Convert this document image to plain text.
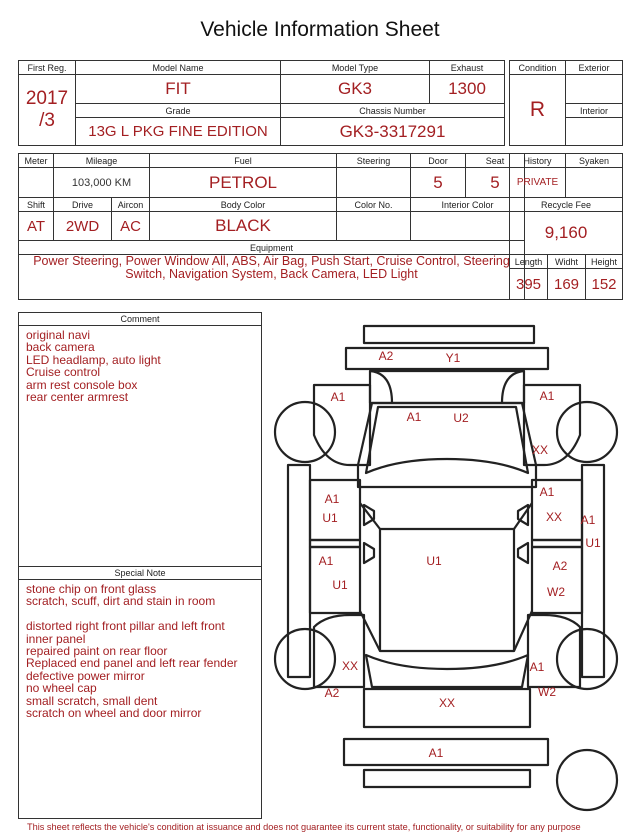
Vehicle Information Sheet
First Reg.	Model Name	Model Type	Exhaust

2017
/3	FIT	GK3	1300
	Grade	Chassis Number	
	13G L PKG FINE EDITION	GK3-3317291	
Condition	Exterior
R	
	Interior

Meter	Mileage		Fuel	Steering	Door	Seat
	103,000 KM		PETROL		5	5
Shift	Drive	Aircon	Body Color	Color No.	Interior Color	
AT	2WD	AC	BLACK			
Equipment						
Power Steering, Power Window All, ABS, Air Bag, Push Start, Cruise Control, Steering Switch, Navigation System, Back Camera, LED Light						
History		Syaken	
PRIVATE			
Recycle Fee			
9,160			
Length	Widht		Height
395	169		152
Comment
original navi
back camera
LED headlamp, auto light
Cruise control
arm rest console box
rear center armrest
Special Note
stone chip on front glass
scratch, scuff, dirt and stain in room

distorted right front pillar and left front inner panel
repaired paint on rear floor
Replaced end panel and left rear fender
defective power mirror
no wheel cap
small scratch, small dent
scratch on wheel and door mirror
A2	Y1
A1	A1
A1	U2
XX
A1
U1
A1
XX A1
U1
A1
U1
U1	A2
W2
XX	A1
A2	W2
XX
A1
This sheet reflects the vehicle's condition at issuance and does not guarantee its current state, functionality, or suitability for any purpose
